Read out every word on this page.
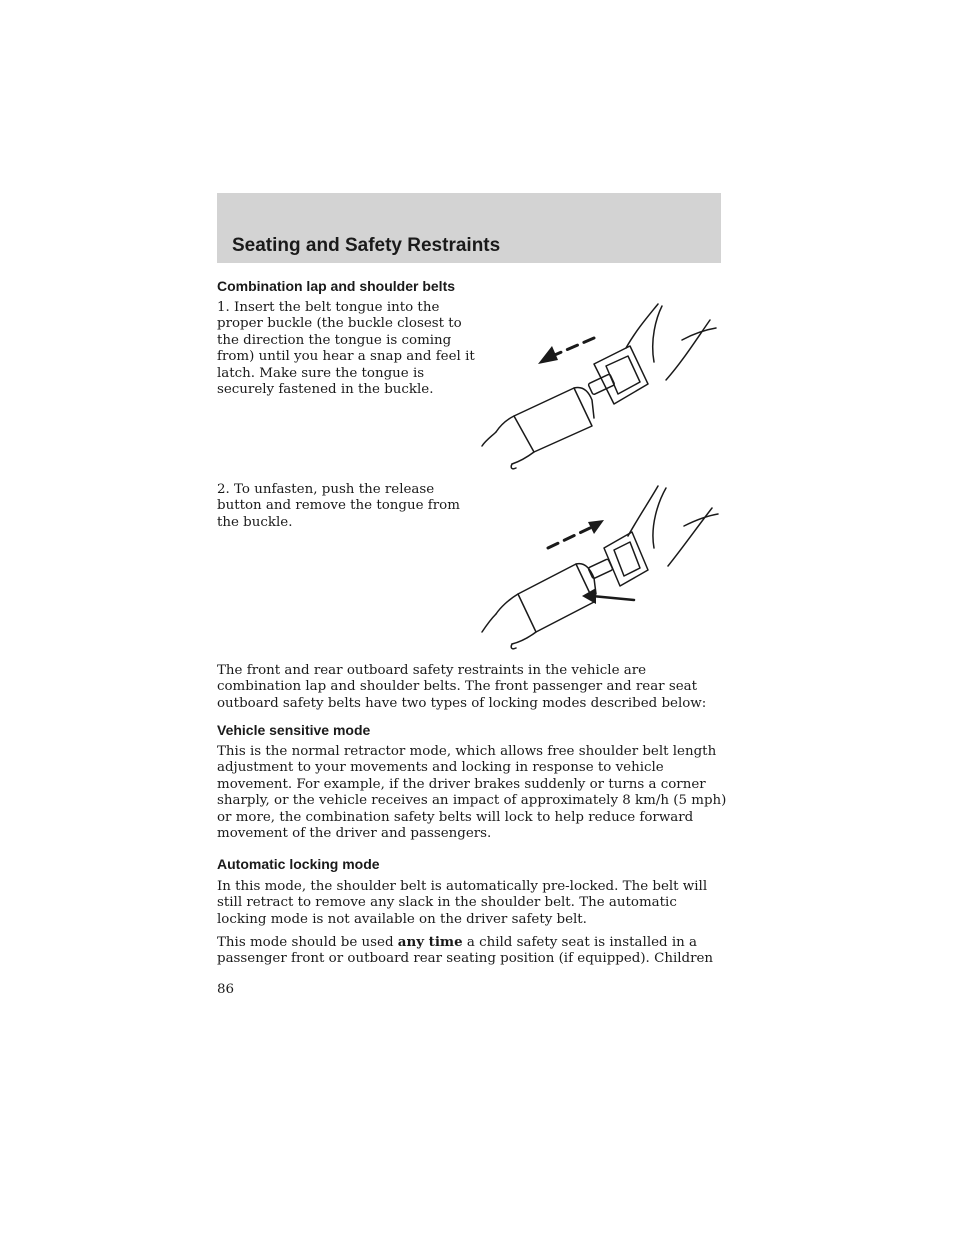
Seating and Safety Restraints
Combination lap and shoulder belts

1. Insert the belt tongue into the proper buckle (the buckle closest to the direction the tongue is coming from) until you hear a snap and feel it latch. Make sure the tongue is securely fastened in the buckle.

2. To unfasten, push the release button and remove the tongue from the buckle.

The front and rear outboard safety restraints in the vehicle are combination lap and shoulder belts. The front passenger and rear seat outboard safety belts have two types of locking modes described below:

Vehicle sensitive mode

This is the normal retractor mode, which allows free shoulder belt length adjustment to your movements and locking in response to vehicle movement. For example, if the driver brakes suddenly or turns a corner sharply, or the vehicle receives an impact of approximately 8 km/h (5 mph) or more, the combination safety belts will lock to help reduce forward movement of the driver and passengers.

Automatic locking mode

In this mode, the shoulder belt is automatically pre-locked. The belt will still retract to remove any slack in the shoulder belt. The automatic locking mode is not available on the driver safety belt.

This mode should be used any time a child safety seat is installed in a passenger front or outboard rear seating position (if equipped). Children

86
